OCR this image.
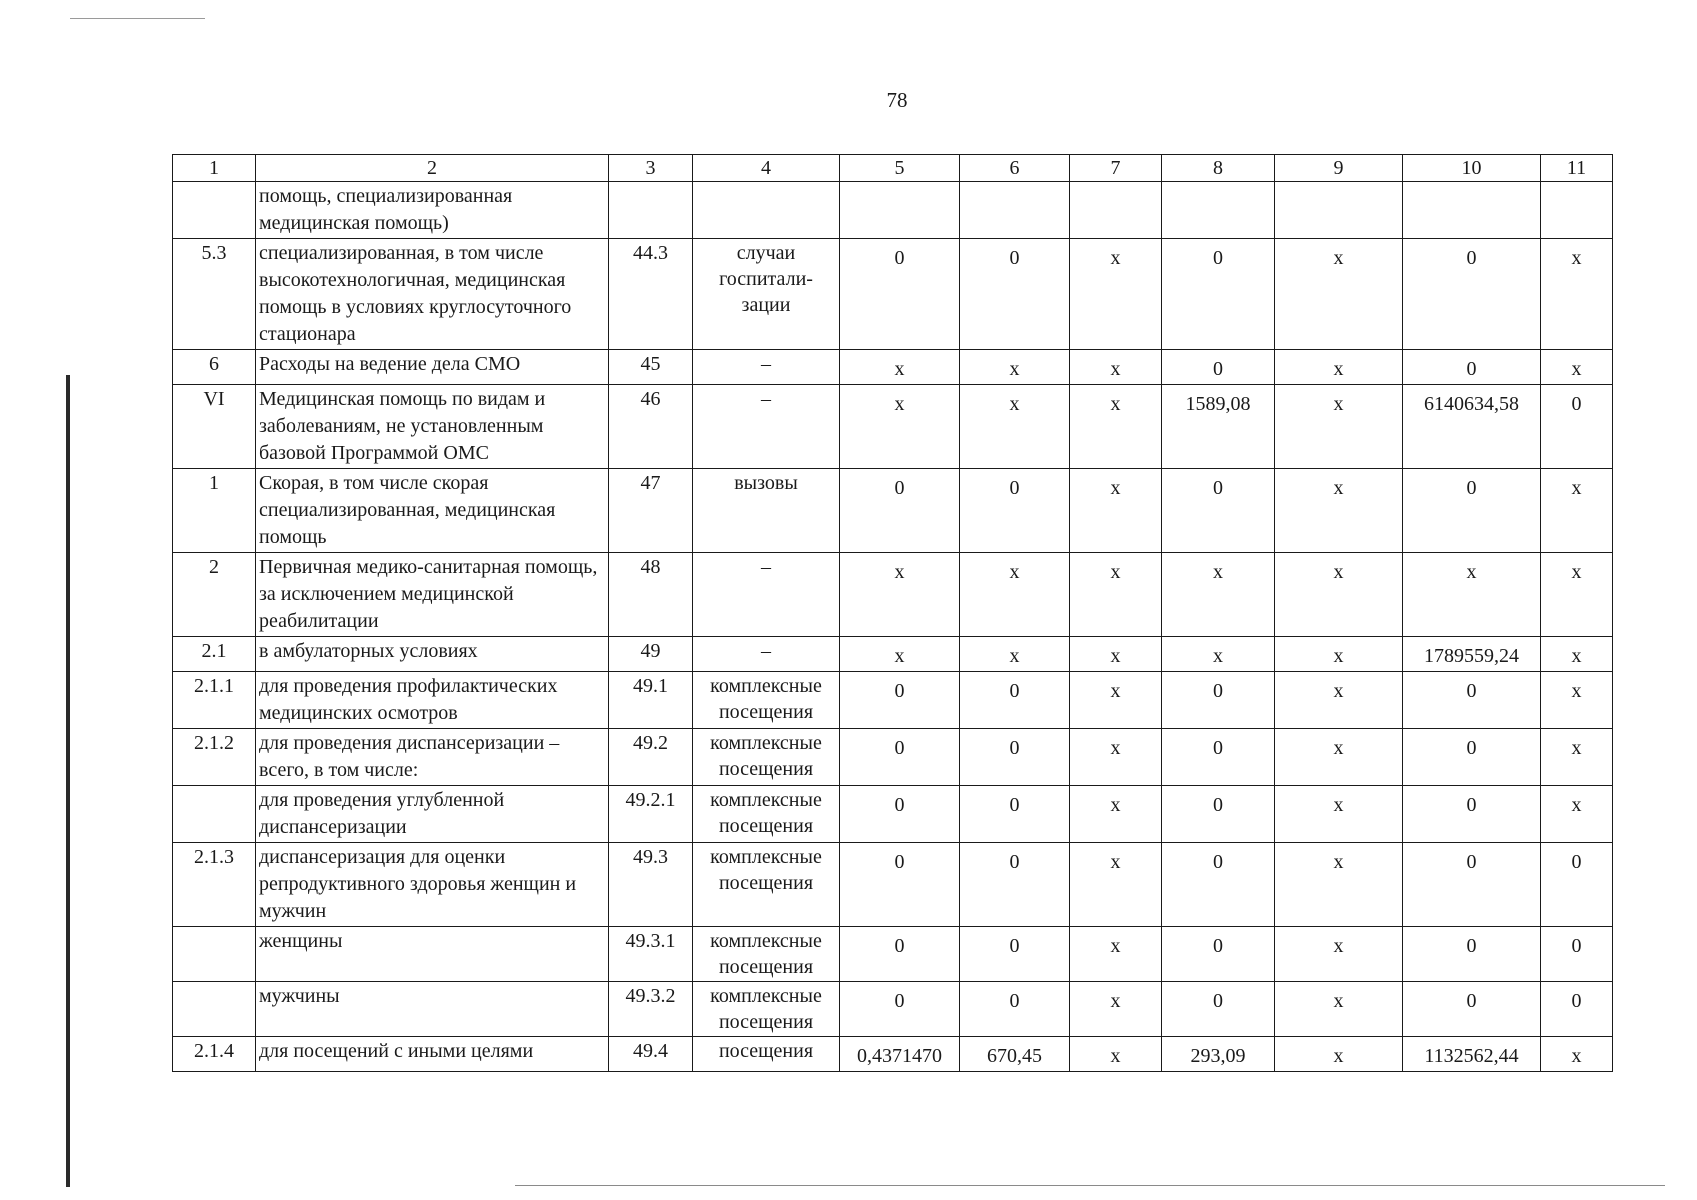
78
1	2	3	4	5	6	7	8	9	10	11
	помощь, специализированная медицинская помощь)									
5.3	специализированная, в том числе высокотехнологичная, медицинская помощь в условиях круглосуточного стационара	44.3	случаи госпитали-зации	0	0	х	0	х	0	х
6	Расходы на ведение дела СМО	45	–	х	х	х	0	х	0	х
VI	Медицинская помощь по видам и заболеваниям, не установленным базовой Программой ОМС	46	–	х	х	х	1589,08	х	6140634,58	0
1	Скорая, в том числе скорая специализированная, медицинская помощь	47	вызовы	0	0	х	0	х	0	х
2	Первичная медико-санитарная помощь, за исключением медицинской реабилитации	48	–	х	х	х	х	х	х	х
2.1	в амбулаторных условиях	49	–	х	х	х	х	х	1789559,24	х
2.1.1	для проведения профилактических медицинских осмотров	49.1	комплексные посещения	0	0	х	0	х	0	х
2.1.2	для проведения диспансеризации – всего, в том числе:	49.2	комплексные посещения	0	0	х	0	х	0	х
	для проведения углубленной диспансеризации	49.2.1	комплексные посещения	0	0	х	0	х	0	х
2.1.3	диспансеризация для оценки репродуктивного здоровья женщин и мужчин	49.3	комплексные посещения	0	0	х	0	х	0	0
	женщины	49.3.1	комплексные посещения	0	0	х	0	х	0	0
	мужчины	49.3.2	комплексные посещения	0	0	х	0	х	0	0
2.1.4	для посещений с иными целями	49.4	посещения	0,4371470	670,45	х	293,09	х	1132562,44	х
